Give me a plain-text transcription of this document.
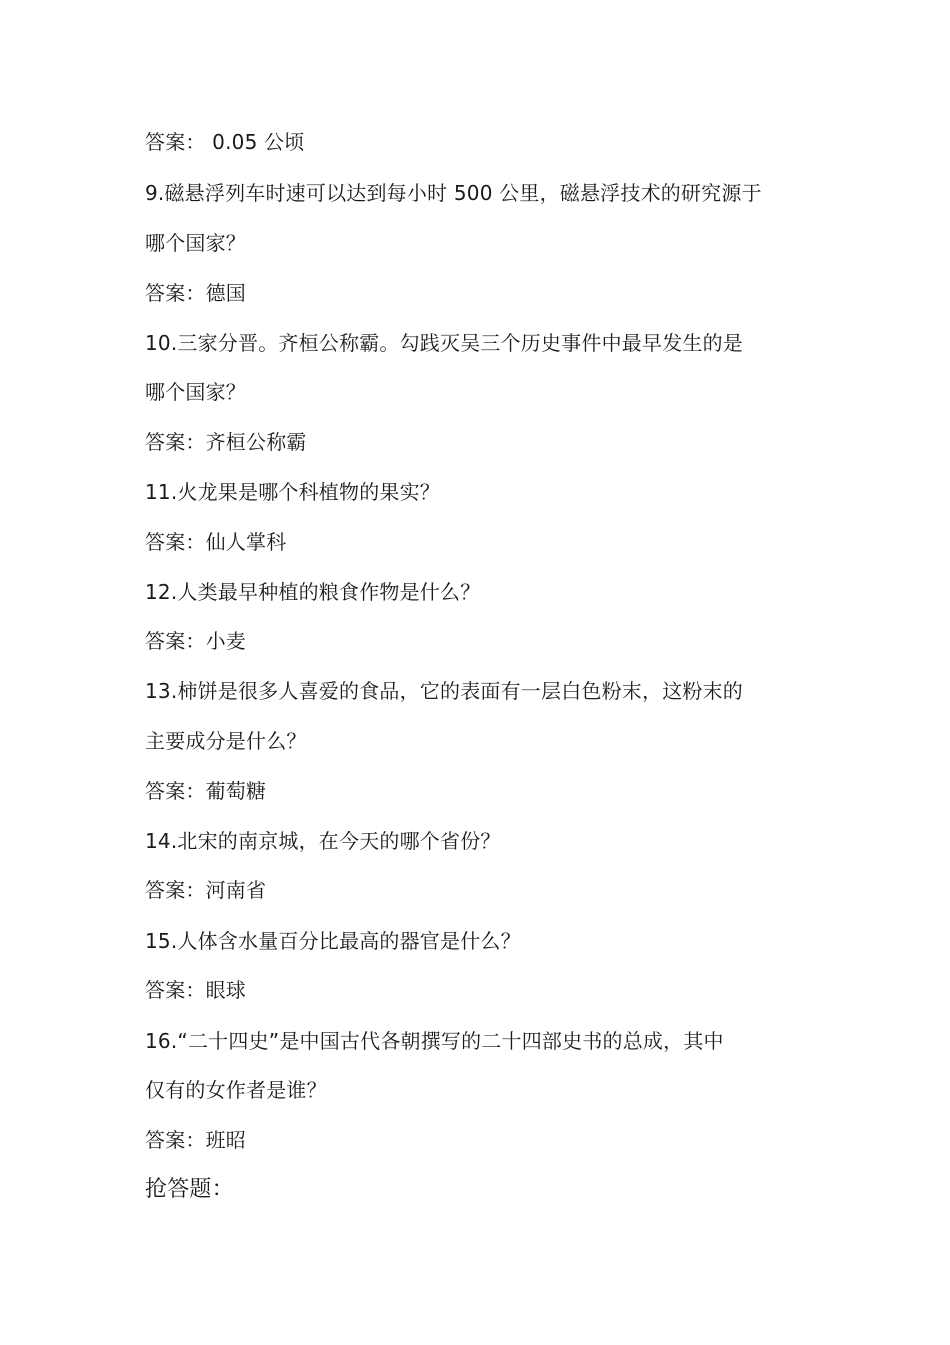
答案： 0.05 公顷
9.磁悬浮列车时速可以达到每小时 500 公里，磁悬浮技术的研究源于
哪个国家？
答案：德国
10.三家分晋。齐桓公称霸。勾践灭吴三个历史事件中最早发生的是
哪个国家？
答案：齐桓公称霸
11.火龙果是哪个科植物的果实？
答案：仙人掌科
12.人类最早种植的粮食作物是什么？
答案：小麦
13.柿饼是很多人喜爱的食品，它的表面有一层白色粉末，这粉末的
主要成分是什么？
答案：葡萄糖
14.北宋的南京城，在今天的哪个省份？
答案：河南省
15.人体含水量百分比最高的器官是什么？
答案：眼球
16.“二十四史”是中国古代各朝撰写的二十四部史书的总成，其中
仅有的女作者是谁？
答案：班昭
抢答题：
